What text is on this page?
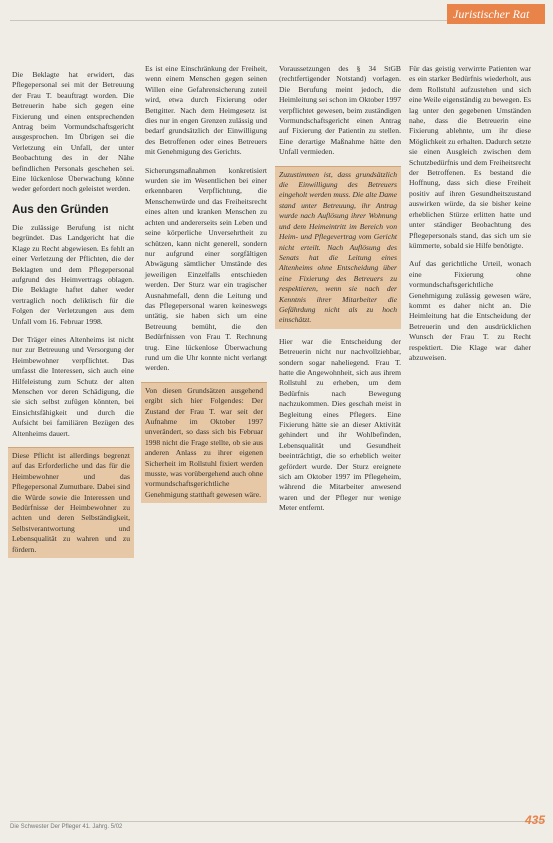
Juristischer Rat

Die Beklagte hat erwidert, das Pflegepersonal sei mit der Betreuung der Frau T. beauftragt worden. Die Betreuerin habe sich gegen eine Fixierung und einen entsprechenden Antrag beim Vormundschaftsgericht ausgesprochen. Im Übrigen sei die Verletzung ein Unfall, der unter Beobachtung des in der Nähe befindlichen Personals geschehen sei. Eine lückenlose Überwachung könne weder gefordert noch geleistet werden.

Aus den Gründen

Die zulässige Berufung ist nicht begründet. Das Landgericht hat die Klage zu Recht abgewiesen. Es fehlt an einer Verletzung der Pflichten, die der Beklagten und dem Pflegepersonal aufgrund des Heimvertrags oblagen. Die Beklagte haftet daher weder vertraglich noch deliktisch für die Folgen der Verletzungen aus dem Unfall vom 16. Februar 1998.

Der Träger eines Altenheims ist nicht nur zur Betreuung und Versorgung der Heimbewohner verpflichtet. Das umfasst die Interessen, sich auch eine Hilfeleistung zum Schutz der alten Menschen vor deren Schädigung, die sie sich selbst zufügen könnten, bei Einsichtsfähigkeit und durch die Aufsicht bei familiären Bezügen des Altenheims dauert.

Diese Pflicht ist allerdings begrenzt auf das Erforderliche und das für die Heimbewohner und das Pflegepersonal Zumutbare. Dabei sind die Würde sowie die Interessen und Bedürfnisse der Heimbewohner zu achten und deren Selbständigkeit, Selbstverantwortung und Lebensqualität zu wahren und zu fördern.

Es ist eine Einschränkung der Freiheit, wenn einem Menschen gegen seinen Willen eine Gefahrensicherung zuteil wird, etwa durch Fixierung oder Bettgitter. Nach dem Heimgesetz ist dies nur in engen Grenzen zulässig und bedarf grundsätzlich der Einwilligung des Betroffenen oder eines Betreuers mit Genehmigung des Gerichts.

Sicherungsmaßnahmen konkretisiert wurden sie im Wesentlichen bei einer erkennbaren Verpflichtung, die Menschenwürde und das Freiheitsrecht eines alten und kranken Menschen zu achten und andererseits sein Leben und seine körperliche Unversehrtheit zu schützen, kann nicht generell, sondern nur aufgrund einer sorgfältigen Abwägung sämtlicher Umstände des jeweiligen Einzelfalls entschieden werden. Der Sturz war ein tragischer Ausnahmefall, denn die Leitung und das Pflegepersonal waren keineswegs untätig, sie haben sich um eine Betreuung bemüht, die den Bedürfnissen von Frau T. Rechnung trug. Eine lückenlose Überwachung rund um die Uhr konnte nicht verlangt werden.

Von diesen Grundsätzen ausgehend ergibt sich hier Folgendes: Der Zustand der Frau T. war seit der Aufnahme im Oktober 1997 unverändert, so dass sich bis Februar 1998 nicht die Frage stellte, ob sie aus anderen Anlass zu ihrer eigenen Sicherheit im Rollstuhl fixiert werden musste, was vorübergehend auch ohne vormundschaftsgerichtliche Genehmigung statthaft gewesen wäre.

Voraussetzungen des § 34 StGB (rechtfertigender Notstand) vorlagen. Die Berufung meint jedoch, die Heimleitung sei schon im Oktober 1997 verpflichtet gewesen, beim zuständigen Vormundschaftsgericht einen Antrag auf Fixierung der Patientin zu stellen. Eine derartige Maßnahme hätte den Unfall vermieden.

Zuzustimmen ist, dass grundsätzlich die Einwilligung des Betreuers eingeholt werden muss. Die alte Dame stand unter Betreuung, ihr Antrag wurde nach Auflösung ihrer Wohnung und dem Heimeintritt im Bereich von Heim- und Pflegevertrag vom Gericht nicht erteilt. Nach Auflösung des Senats hat die Leitung eines Altenheims ohne Entscheidung über eine Fixierung des Betreuers zu respektieren, wenn sie nach der Kenntnis ihrer Mitarbeiter die Gefährdung nicht als zu hoch einschätzt.

Hier war die Entscheidung der Betreuerin nicht nur nachvollziehbar, sondern sogar naheliegend. Frau T. hatte die Angewohnheit, sich aus ihrem Rollstuhl zu erheben, um dem Bedürfnis nach Bewegung nachzukommen. Dies geschah meist in Begleitung eines Pflegers. Eine Fixierung hätte sie an dieser Aktivität gehindert und ihr Wohlbefinden, Lebensqualität und Gesundheit beeinträchtigt, die so erheblich weiter gefördert wurde. Der Sturz ereignete sich am Oktober 1997 im Pflegeheim, während die Mitarbeiter anwesend waren und der Pfleger nur wenige Meter entfernt.

Für das geistig verwirrte Patienten war es ein starker Bedürfnis wiederholt, aus dem Rollstuhl aufzustehen und sich eine Weile eigenständig zu bewegen. Es lag unter den gegebenen Umständen nahe, dass die Betreuerin eine Fixierung ablehnte, um ihr diese Möglichkeit zu erhalten. Dadurch setzte sie einen Ausgleich zwischen dem Schutzbedürfnis und dem Freiheitsrecht der Betroffenen. Es bestand die Hoffnung, dass sich diese Freiheit positiv auf ihren Gesundheitszustand auswirken würde, da sie bisher keine erheblichen Stürze erlitten hatte und unter ständiger Beobachtung des Pflegepersonals stand, das sich um sie kümmerte, sobald sie Hilfe benötigte.

Auf das gerichtliche Urteil, wonach eine Fixierung ohne vormundschaftsgerichtliche Genehmigung zulässig gewesen wäre, kommt es daher nicht an. Die Heimleitung hat die Entscheidung der Betreuerin und den ausdrücklichen Wunsch der Frau T. zu Recht respektiert. Die Klage war daher abzuweisen.

Die Schwester Der Pfleger 41. Jahrg. 5/02	435
